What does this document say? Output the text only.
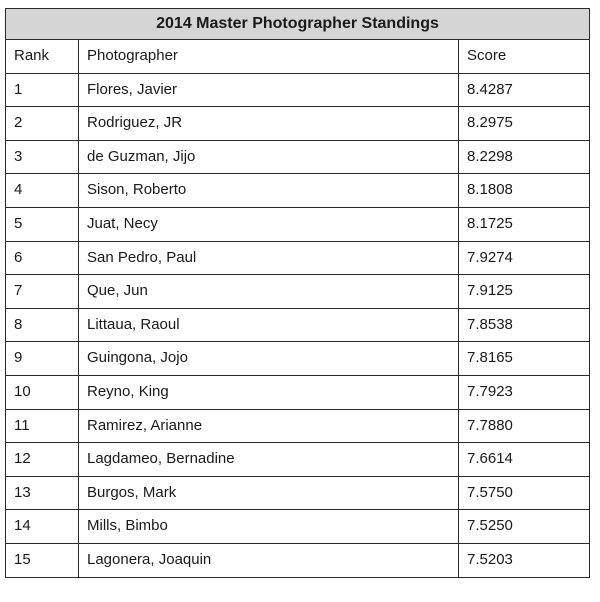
2014 Master Photographer Standings		
Rank	Photographer	Score
1	Flores, Javier	8.4287
2	Rodriguez, JR	8.2975
3	de Guzman, Jijo	8.2298
4	Sison, Roberto	8.1808
5	Juat, Necy	8.1725
6	San Pedro, Paul	7.9274
7	Que, Jun	7.9125
8	Littaua, Raoul	7.8538
9	Guingona, Jojo	7.8165
10	Reyno, King	7.7923
11	Ramirez, Arianne	7.7880
12	Lagdameo, Bernadine	7.6614
13	Burgos, Mark	7.5750
14	Mills, Bimbo	7.5250
15	Lagonera, Joaquin	7.5203
